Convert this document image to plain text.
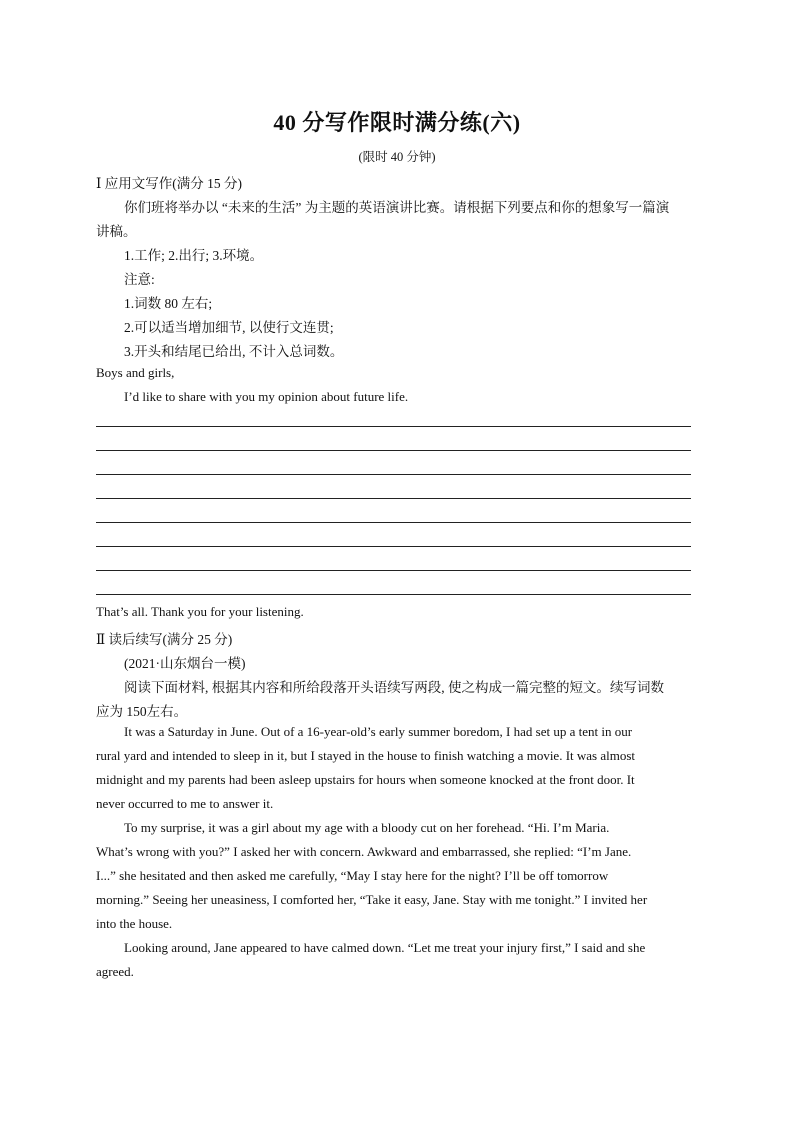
40 分写作限时满分练(六)
(限时 40 分钟)
Ⅰ 应用文写作(满分 15 分)
你们班将举办以 “未来的生活” 为主题的英语演讲比赛。请根据下列要点和你的想象写一篇演
讲稿。
1.工作; 2.出行; 3.环境。
注意:
1.词数 80 左右;
2.可以适当增加细节, 以使行文连贯;
3.开头和结尾已给出, 不计入总词数。
Boys and girls,
I’d like to share with you my opinion about future life.
That’s all. Thank you for your listening.
Ⅱ 读后续写(满分 25 分)
(2021·山东烟台一模)
阅读下面材料, 根据其内容和所给段落开头语续写两段, 使之构成一篇完整的短文。续写词数
应为 150左右。
It was a Saturday in June. Out of a 16-year-old’s early summer boredom, I had set up a tent in our
rural yard and intended to sleep in it, but I stayed in the house to finish watching a movie. It was almost
midnight and my parents had been asleep upstairs for hours when someone knocked at the front door. It
never occurred to me to answer it.
To my surprise, it was a girl about my age with a bloody cut on her forehead. “Hi. I’m Maria.
What’s wrong with you?” I asked her with concern. Awkward and embarrassed, she replied: “I’m Jane.
I...” she hesitated and then asked me carefully, “May I stay here for the night? I’ll be off tomorrow
morning.” Seeing her uneasiness, I comforted her, “Take it easy, Jane. Stay with me tonight.” I invited her
into the house.
Looking around, Jane appeared to have calmed down. “Let me treat your injury first,” I said and she
agreed.
